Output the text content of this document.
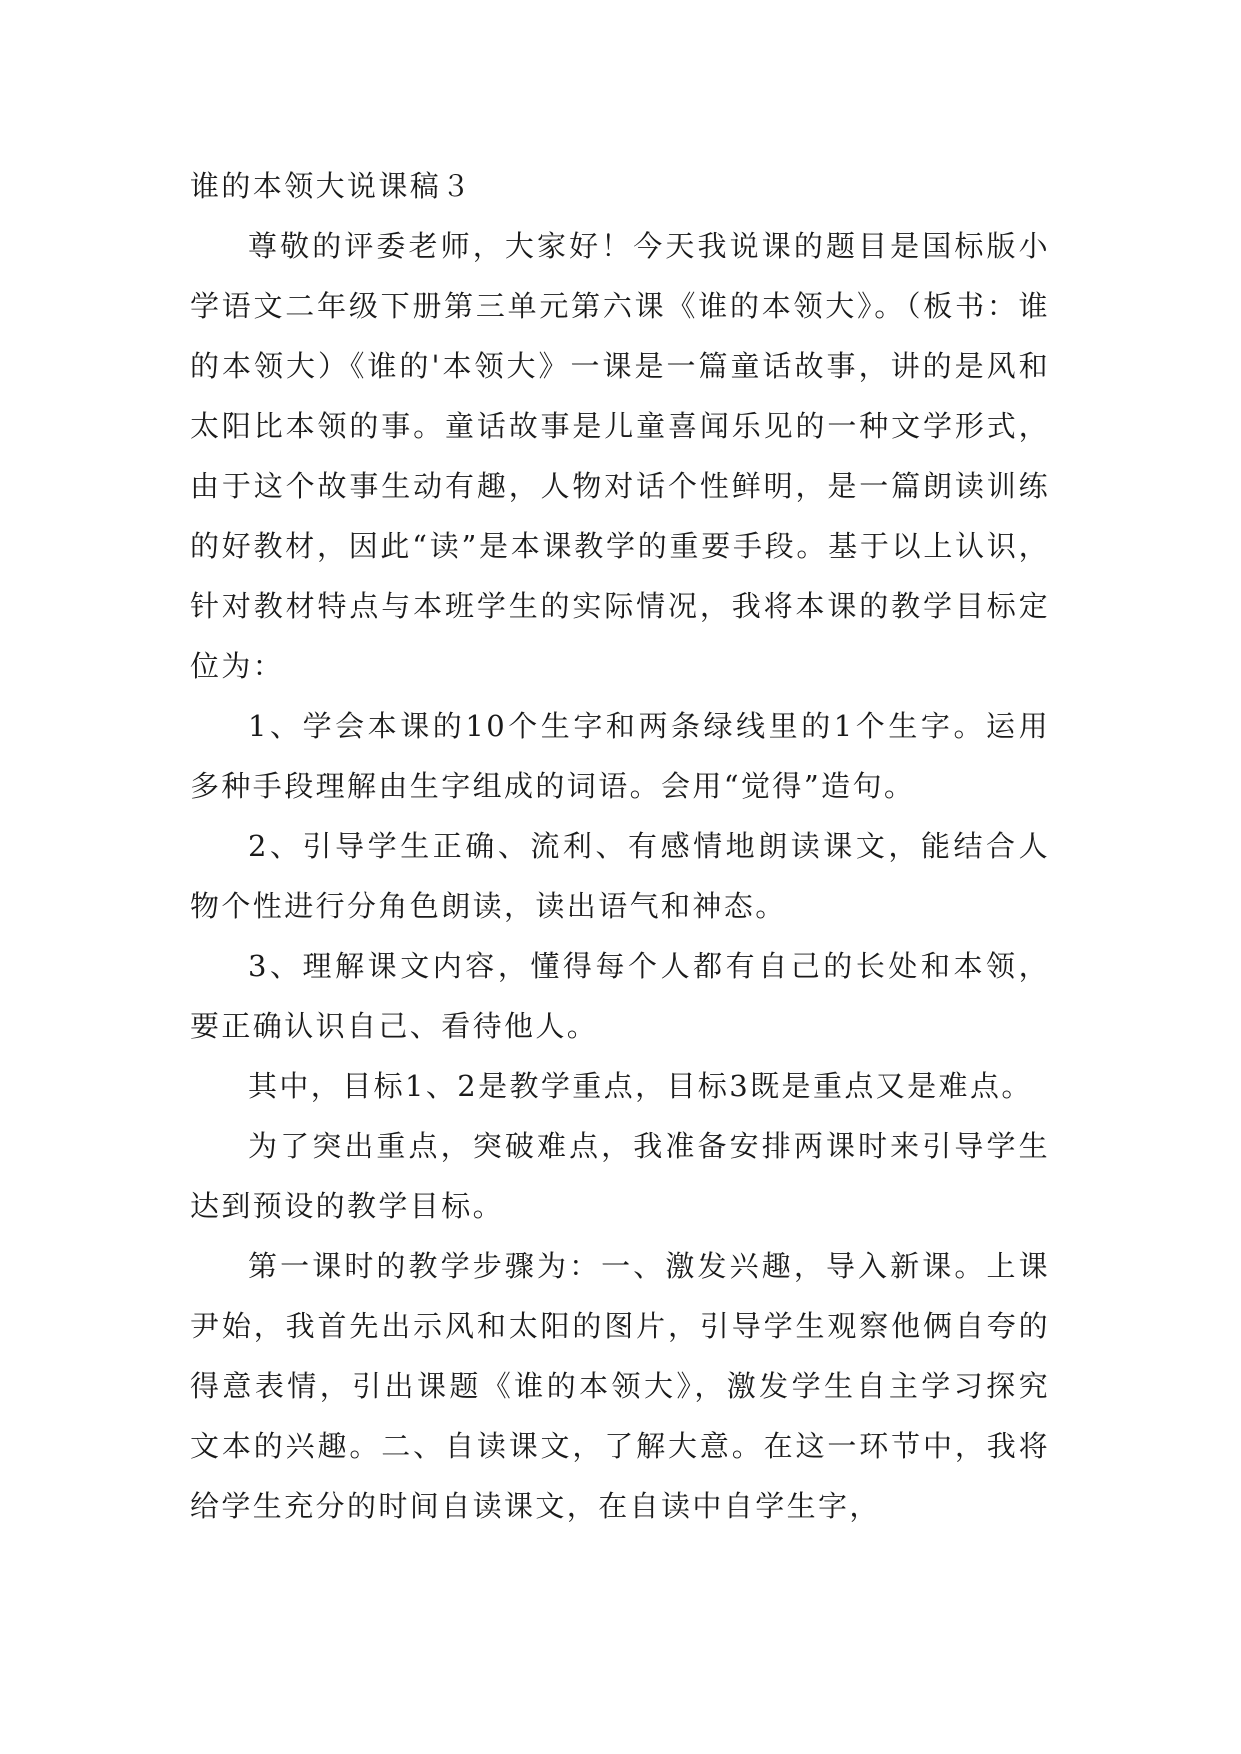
谁的本领大说课稿３

尊敬的评委老师，大家好！今天我说课的题目是国标版小学语文二年级下册第三单元第六课《谁的本领大》。（板书：谁的本领大）《谁的'本领大》一课是一篇童话故事，讲的是风和太阳比本领的事。童话故事是儿童喜闻乐见的一种文学形式，由于这个故事生动有趣，人物对话个性鲜明，是一篇朗读训练的好教材，因此“读”是本课教学的重要手段。基于以上认识，针对教材特点与本班学生的实际情况，我将本课的教学目标定位为：

1、学会本课的10个生字和两条绿线里的1个生字。运用多种手段理解由生字组成的词语。会用“觉得”造句。

2、引导学生正确、流利、有感情地朗读课文，能结合人物个性进行分角色朗读，读出语气和神态。

3、理解课文内容，懂得每个人都有自己的长处和本领，要正确认识自己、看待他人。

其中，目标1、2是教学重点，目标3既是重点又是难点。

为了突出重点，突破难点，我准备安排两课时来引导学生达到预设的教学目标。

第一课时的教学步骤为：一、激发兴趣，导入新课。上课尹始，我首先出示风和太阳的图片，引导学生观察他俩自夸的得意表情，引出课题《谁的本领大》，激发学生自主学习探究文本的兴趣。二、自读课文，了解大意。在这一环节中，我将给学生充分的时间自读课文，在自读中自学生字，
